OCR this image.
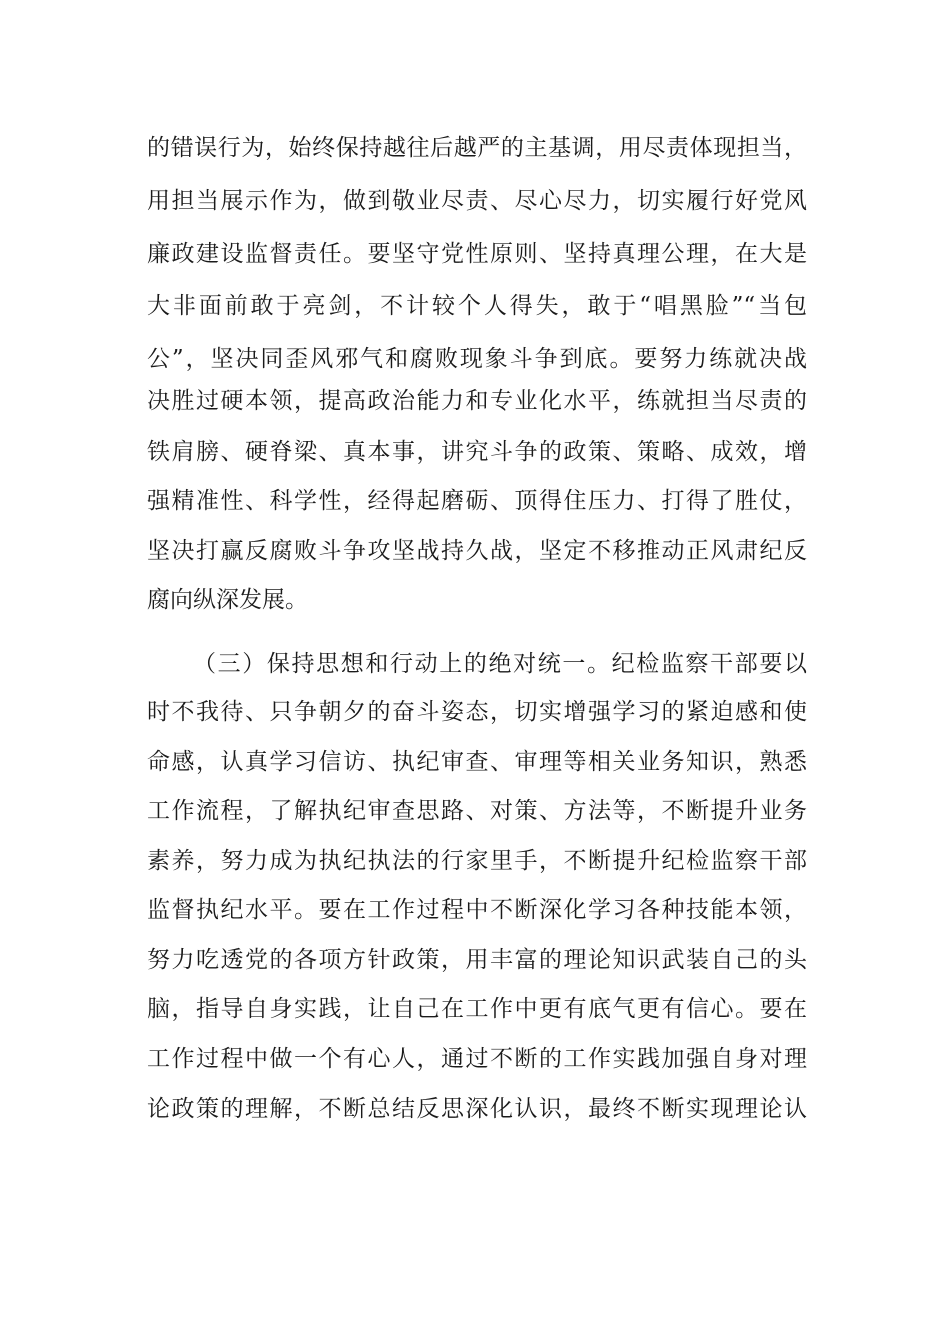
的错误行为，始终保持越往后越严的主基调，用尽责体现担当，
用担当展示作为，做到敬业尽责、尽心尽力，切实履行好党风
廉政建设监督责任。要坚守党性原则、坚持真理公理，在大是
大非面前敢于亮剑，不计较个人得失，敢于“唱黑脸”“当包
公”，坚决同歪风邪气和腐败现象斗争到底。要努力练就决战
决胜过硬本领，提高政治能力和专业化水平，练就担当尽责的
铁肩膀、硬脊梁、真本事，讲究斗争的政策、策略、成效，增
强精准性、科学性，经得起磨砺、顶得住压力、打得了胜仗，
坚决打赢反腐败斗争攻坚战持久战，坚定不移推动正风肃纪反
腐向纵深发展。
（三）保持思想和行动上的绝对统一。纪检监察干部要以
时不我待、只争朝夕的奋斗姿态，切实增强学习的紧迫感和使
命感，认真学习信访、执纪审查、审理等相关业务知识，熟悉
工作流程，了解执纪审查思路、对策、方法等，不断提升业务
素养，努力成为执纪执法的行家里手，不断提升纪检监察干部
监督执纪水平。要在工作过程中不断深化学习各种技能本领，
努力吃透党的各项方针政策，用丰富的理论知识武装自己的头
脑，指导自身实践，让自己在工作中更有底气更有信心。要在
工作过程中做一个有心人，通过不断的工作实践加强自身对理
论政策的理解，不断总结反思深化认识，最终不断实现理论认
